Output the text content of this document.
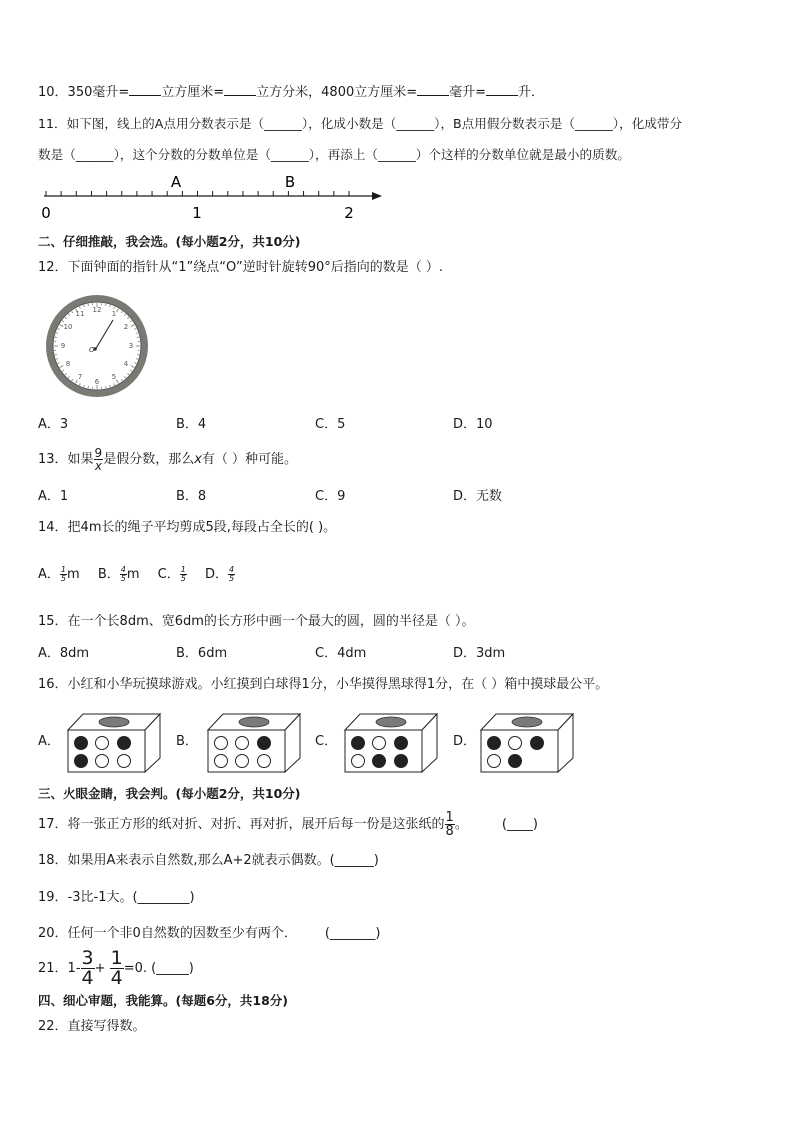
10．350毫升= 立方厘米= 立方分米，4800立方厘米= 毫升= 升．
11．如下图，线上的A点用分数表示是（______），化成小数是（______），B点用假分数表示是（______），化成带分
数是（______），这个分数的分数单位是（______），再添上（______）个这样的分数单位就是最小的质数。
A	B
0	1	2
二、仔细推敲，我会选。(每小题2分，共10分)
12．下面钟面的指针从“1”绕点“O”逆时针旋转90°后指向的数是（ ）.
12 1
2
3
4
5
6
7
8
9
10
11
O
A．3	B．4	C．5	D．10
13．如果 $\frac{9}{x}$ 是假分数，那么x有（ ）种可能。
A．1	B．8	C．9	D．无数
14．把4m长的绳子平均剪成5段,每段占全长的( )。
A． $\frac{1}{5}$ m B． $\frac{4}{5}$ m C． $\frac{1}{5}$ D． $\frac{4}{5}$
15．在一个长8dm、宽6dm的长方形中画一个最大的圆，圆的半径是（ ）。
A．8dm	B．6dm	C．4dm	D．3dm
16．小红和小华玩摸球游戏。小红摸到白球得1分，小华摸得黑球得1分，在（ ）箱中摸球最公平。
A．	B．	C．	D．
三、火眼金睛，我会判。(每小题2分，共10分)
17．将一张正方形的纸对折、对折、再对折，展开后每一份是这张纸的 $\frac{1}{8}$ 。	(____)
18．如果用A来表示自然数,那么A+2就表示偶数。(______)
19．-3比-1大。(________)
20．任何一个非0自然数的因数至少有两个． (_______)
21．$1- \frac{3}{4} + \frac{1}{4} =0$. (_____)
四、细心审题，我能算。(每题6分，共18分)
22．直接写得数。
